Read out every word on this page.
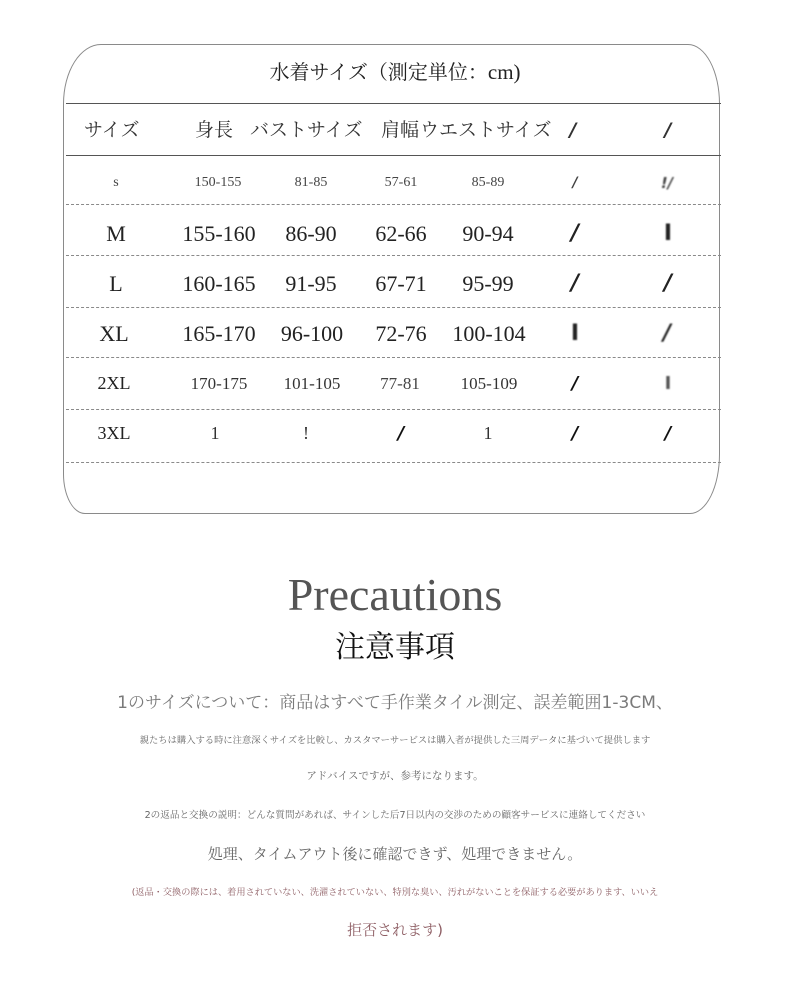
水着サイズ（測定単位：cm)
サイズ	身長 バストサイズ 肩幅 ウエストサイズ /	/
s	150-155	81-85	57-61	85-89	/	!/
M	155-160 86-90 62-66 90-94	/	I
L	160-165 91-95 67-71 95-99	/	/
XL 165-170 96-100 72-76 100-104 I	/
2XL	170-175 101-105 77-81 105-109	/	I
3XL	1	!	/	1	/	/
Precautions
注意事項
1のサイズについて：商品はすべて手作業タイル測定、誤差範囲1-3CM、
親たちは購入する時に注意深くサイズを比較し、カスタマーサービスは購入者が提供した三周データに基づいて提供します
アドバイスですが、参考になります。
2の返品と交換の説明：どんな質問があれば、サインした后7日以内の交渉のための顧客サービスに連絡してください
処理、タイムアウト後に確認できず、処理できません。
(返品・交換の際には、着用されていない、洗濯されていない、特別な臭い、汚れがないことを保証する必要があります、いいえ
拒否されます)
